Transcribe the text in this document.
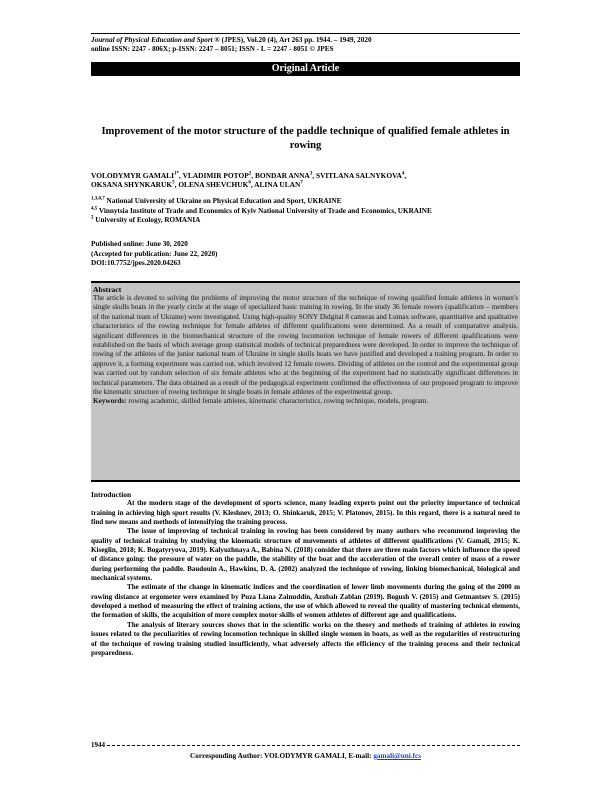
Journal of Physical Education and Sport ® (JPES), Vol.20 (4), Art 263 pp. 1944. – 1949, 2020
online ISSN: 2247 - 806X; p-ISSN: 2247 – 8051; ISSN - L = 2247 - 8051 © JPES
Original Article
Improvement of the motor structure of the paddle technique of qualified female athletes in rowing
VOLODYMYR $GAMALI^{1*}$, VLADIMIR POTOP$^2$, BONDAR ANNA$^3$, SVITLANA SALNYKOVA$^4$,
OKSANA SHYNKARUK$^5$, OLENA SHEVCHUK$^6$, ALINA ULAN$^7$
$^{1,3,6,7}$ National University of Ukraine on Physical Education and Sport, UKRAINE
$^{4,5}$ Vinnytsia Institute of Trade and Economics of Kyiv National University of Trade and Economics, UKRAINE
$^2$ University of Ecology, ROMANIA
Published online: June 30, 2020
(Accepted for publication: June 22, 2020)
DOI:10.7752/jpes.2020.04263
Abstract
The article is devoted to solving the problems of improving the motor structure of the technique of rowing qualified female athletes in women's single skulls boats in the yearly circle at the stage of specialized basic training in rowing. In the study 36 female rowers (qualification – members of the national team of Ukraine) were investigated. Using high-quality SONY Didgital 8 cameras and Lumax software, quantitative and qualitative characteristics of the rowing technique for female athletes of different qualifications were determined. As a result of comparative analysis, significant differences in the biomechanical structure of the rowing locomotion technique of female rowers of different qualifications were established on the basis of which average group statistical models of technical preparedness were developed. In order to improve the technique of rowing of the athletes of the junior national team of Ukraine in single skulls boats we have justified and developed a training program. In order to approve it, a forming experiment was carried out, which involved 12 female rowers. Dividing of athletes on the control and the experimental group was carried out by random selection of six female athletes who at the beginning of the experiment had no statistically significant differences in technical parameters. The data obtained as a result of the pedagogical experiment confirmed the effectiveness of our proposed program to improve the kinematic structure of rowing technique in single boats in female athletes of the experimental group.
Keywords: rowing academic, skilled female athletes, kinematic characteristics, rowing technique, models, program.
Introduction

At the modern stage of the development of sports science, many leading experts point out the priority importance of technical training in achieving high sport results (V. Kleshnev, 2013; O. Shinkaruk, 2015; V. Platonov, 2015). In this regard, there is a natural need to find new means and methods of intensifying the training process.

The issue of improving of technical training in rowing has been considered by many authors who recommend improving the quality of technical training by studying the kinematic structure of movements of athletes of different qualifications (V. Gamali, 2015; K. Kiseglin, 2018; K. Bogatyryova, 2019). Kalyuzhnaya A., Babina N. (2018) consider that there are three main factors which influence the speed of distance going: the pressure of water on the paddle, the stability of the boat and the acceleration of the overall center of mass of a rower during performing the paddle. Baudouin A., Hawkins, D. A. (2002) analyzed the technique of rowing, linking biomechanical, biological and mechanical systems.

The estimate of the change in kinematic indices and the coordination of lower limb movements during the going of the 2000 m rowing distance at ergometer were examined by Puza Liana Zainuddin, Azubah Zablan (2019). Bogush V. (2015) and Getmantsev S. (2015) developed a method of measuring the effect of training actions, the use of which allowed to reveal the quality of mastering technical elements, the formation of skills, the acquisition of more complex motor skills of women athletes of different age and qualifications.

The analysis of literary sources shows that in the scientific works on the theory and methods of training of athletes in rowing issues related to the peculiarities of rowing locomotion technique in skilled single women in boats, as well as the regularities of restructuring of the technique of rowing training studied insufficiently, what adversely affects the efficiency of the training process and their technical preparedness.

1944
Corresponding Author: VOLODYMYR GAMALI, E-mail: gamali@uni.fcs
